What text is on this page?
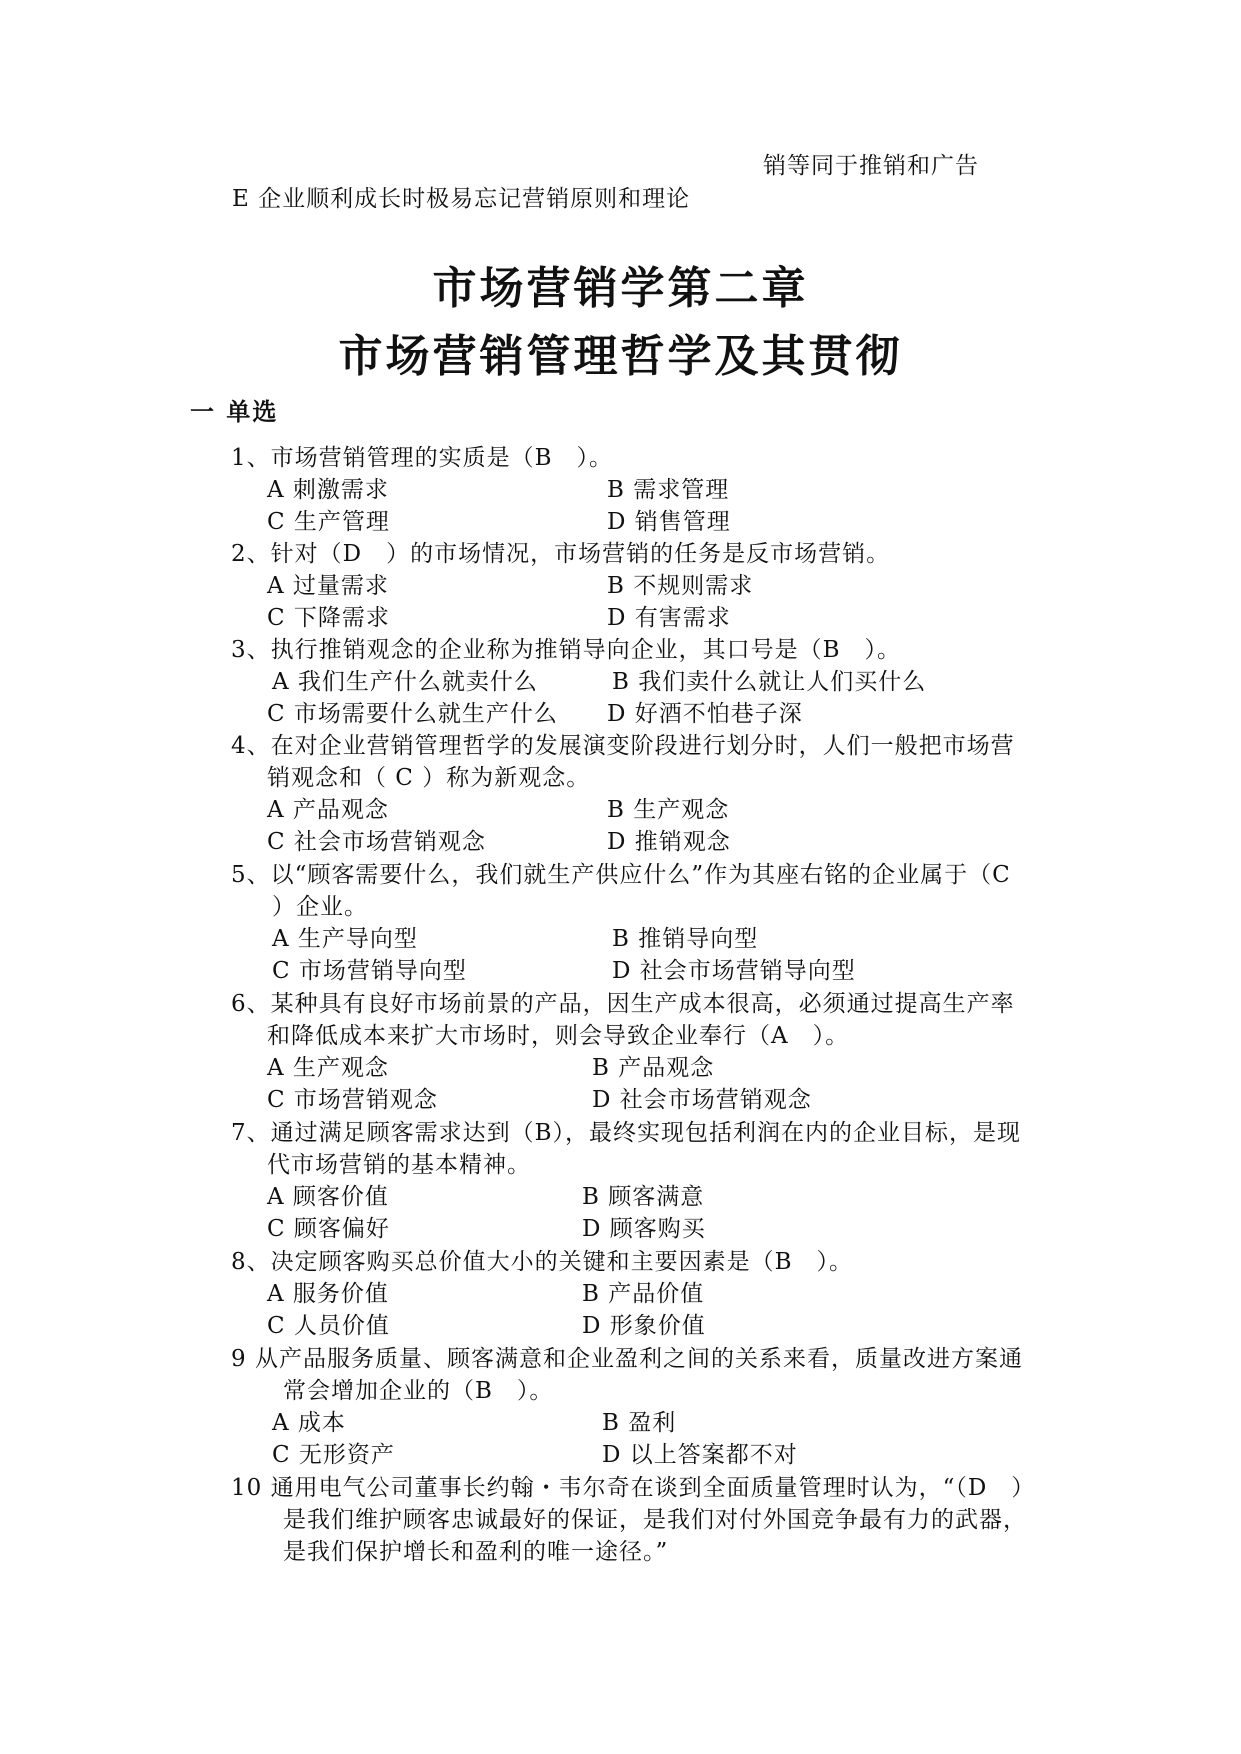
销等同于推销和广告
E 企业顺利成长时极易忘记营销原则和理论
市场营销学第二章
市场营销管理哲学及其贯彻
一 单选
1、市场营销管理的实质是（B　）。
A 刺激需求	B 需求管理
C 生产管理	D 销售管理
2、针对（D　）的市场情况，市场营销的任务是反市场营销。
A 过量需求	B 不规则需求
C 下降需求	D 有害需求
3、执行推销观念的企业称为推销导向企业，其口号是（B　）。
A 我们生产什么就卖什么	B 我们卖什么就让人们买什么
C 市场需要什么就生产什么 D 好酒不怕巷子深
4、在对企业营销管理哲学的发展演变阶段进行划分时，人们一般把市场营
销观念和（ C ）称为新观念。
A 产品观念	B 生产观念
C 社会市场营销观念	D 推销观念
5、以“顾客需要什么，我们就生产供应什么”作为其座右铭的企业属于（C
）企业。
A 生产导向型	B 推销导向型
C 市场营销导向型	D 社会市场营销导向型
6、某种具有良好市场前景的产品，因生产成本很高，必须通过提高生产率
和降低成本来扩大市场时，则会导致企业奉行（A　）。
A 生产观念	B 产品观念
C 市场营销观念	D 社会市场营销观念
7、通过满足顾客需求达到（B），最终实现包括利润在内的企业目标，是现
代市场营销的基本精神。
A 顾客价值	B 顾客满意
C 顾客偏好	D 顾客购买
8、决定顾客购买总价值大小的关键和主要因素是（B　）。
A 服务价值	B 产品价值
C 人员价值	D 形象价值
9 从产品服务质量、顾客满意和企业盈利之间的关系来看，质量改进方案通
常会增加企业的（B　）。
A 成本	B 盈利
C 无形资产	D 以上答案都不对
10 通用电气公司董事长约翰・韦尔奇在谈到全面质量管理时认为，“（D　）
是我们维护顾客忠诚最好的保证，是我们对付外国竞争最有力的武器，
是我们保护增长和盈利的唯一途径。”
